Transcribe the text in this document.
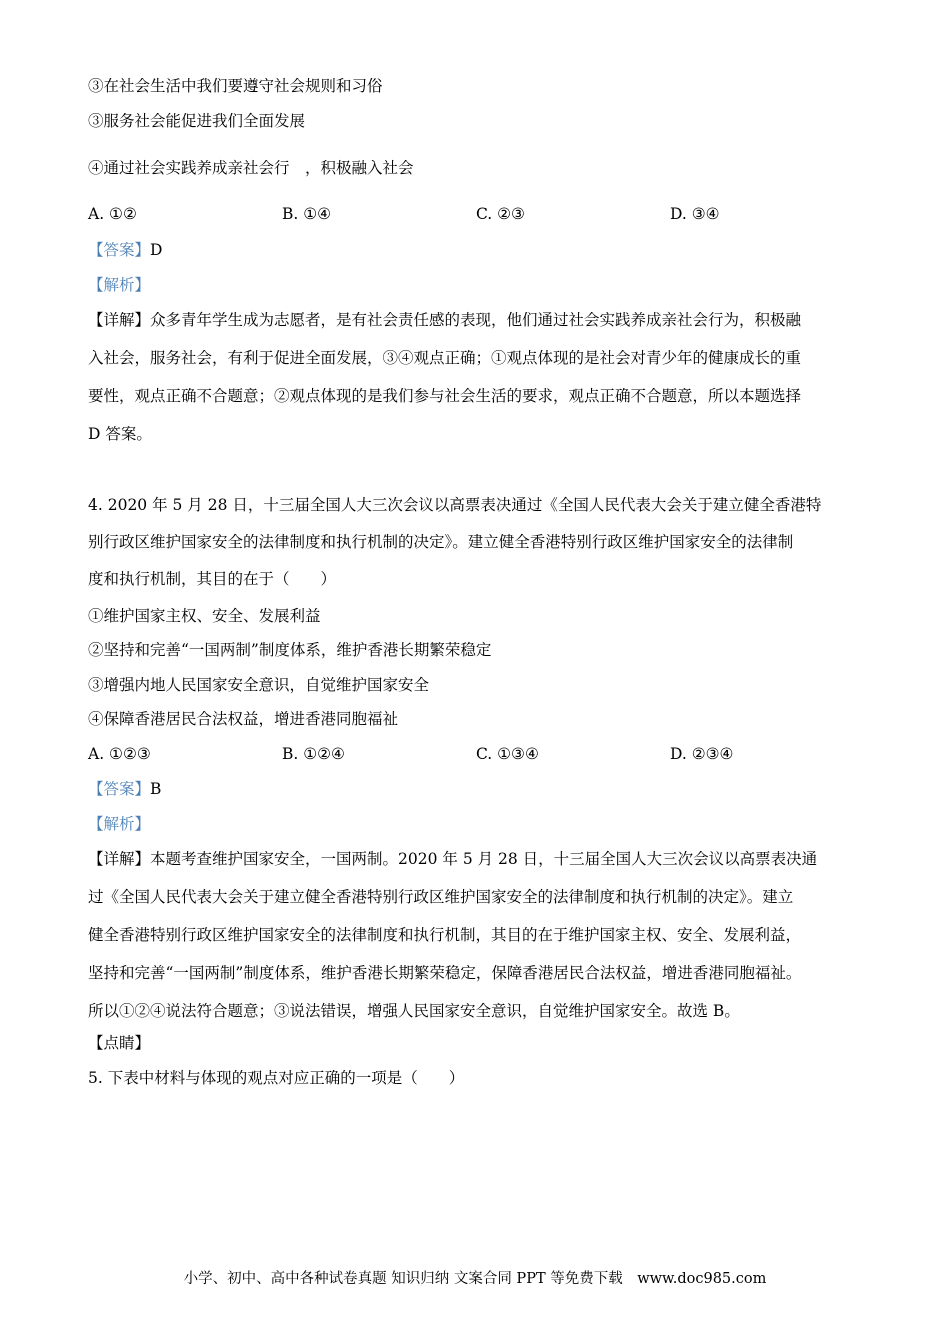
③在社会生活中我们要遵守社会规则和习俗
③服务社会能促进我们全面发展
④通过社会实践养成亲社会行　，积极融入社会
A. ①②	B. ①④	C. ②③	D. ③④
【答案】D
【解析】
【详解】众多青年学生成为志愿者，是有社会责任感的表现，他们通过社会实践养成亲社会行为，积极融
入社会，服务社会，有利于促进全面发展，③④观点正确；①观点体现的是社会对青少年的健康成长的重
要性，观点正确不合题意；②观点体现的是我们参与社会生活的要求，观点正确不合题意，所以本题选择
D 答案。
4. 2020 年 5 月 28 日，十三届全国人大三次会议以高票表决通过《全国人民代表大会关于建立健全香港特
别行政区维护国家安全的法律制度和执行机制的决定》。建立健全香港特别行政区维护国家安全的法律制
度和执行机制，其目的在于（　　）
①维护国家主权、安全、发展利益
②坚持和完善“一国两制”制度体系，维护香港长期繁荣稳定
③增强内地人民国家安全意识，自觉维护国家安全
④保障香港居民合法权益，增进香港同胞福祉
A. ①②③	B. ①②④	C. ①③④	D. ②③④
【答案】B
【解析】
【详解】本题考查维护国家安全，一国两制。2020 年 5 月 28 日，十三届全国人大三次会议以高票表决通
过《全国人民代表大会关于建立健全香港特别行政区维护国家安全的法律制度和执行机制的决定》。建立
健全香港特别行政区维护国家安全的法律制度和执行机制，其目的在于维护国家主权、安全、发展利益，
坚持和完善“一国两制”制度体系，维护香港长期繁荣稳定，保障香港居民合法权益，增进香港同胞福祉。
所以①②④说法符合题意；③说法错误，增强人民国家安全意识，自觉维护国家安全。故选 B。
【点睛】
5. 下表中材料与体现的观点对应正确的一项是（　　）
小学、初中、高中各种试卷真题 知识归纳 文案合同 PPT 等免费下载　www.doc985.com
